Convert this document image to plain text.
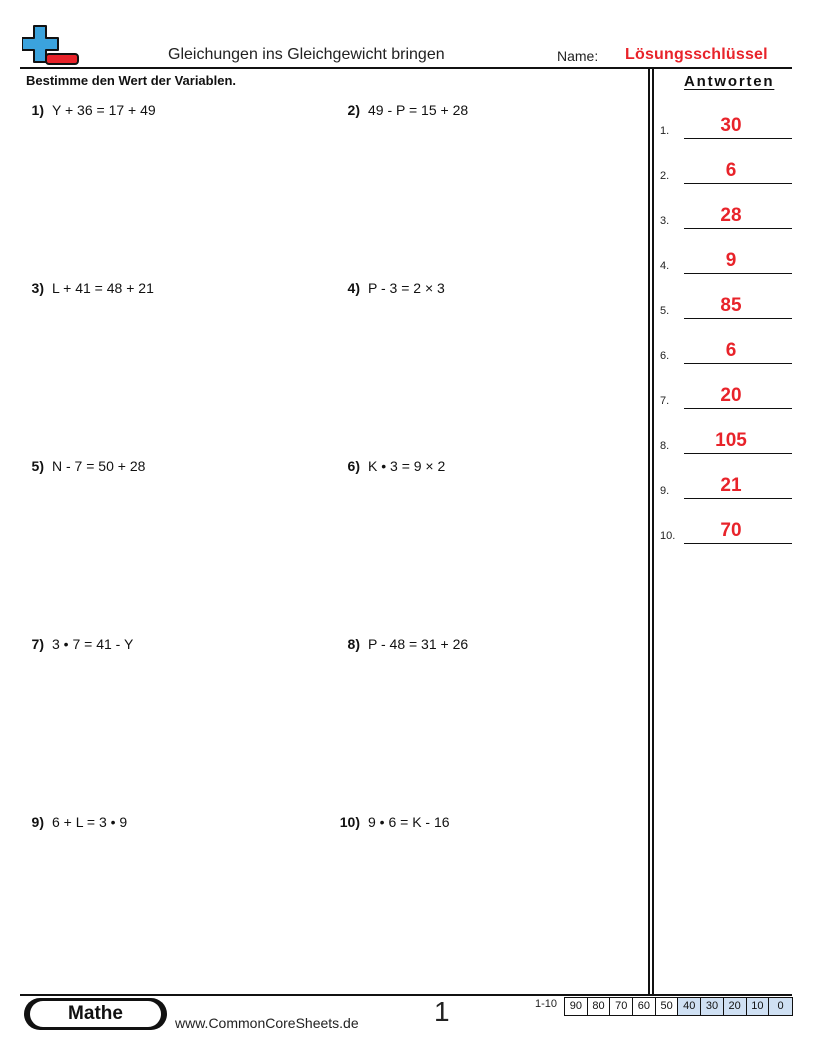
Gleichungen ins Gleichgewicht bringen	Name: Lösungsschlüssel
Bestimme den Wert der Variablen.
1) Y + 36 = 17 + 49	2) 49 - P = 15 + 28
3) L + 41 = 48 + 21	4) P - 3 = 2 × 3
5) N - 7 = 50 + 28	6) K • 3 = 9 × 2
7) 3 • 7 = 41 - Y	8) P - 48 = 31 + 26
9) 6 + L = 3 • 9	10) 9 • 6 = K - 16
Antworten
1.	30
2.	6
3.	28
4.	9
5.	85
6.	6
7.	20
8.	105
9.	21
10.	70
Mathe	www.CommonCoreSheets.de	1	1-10	90 80 70 60 50 40 30 20 10	0
